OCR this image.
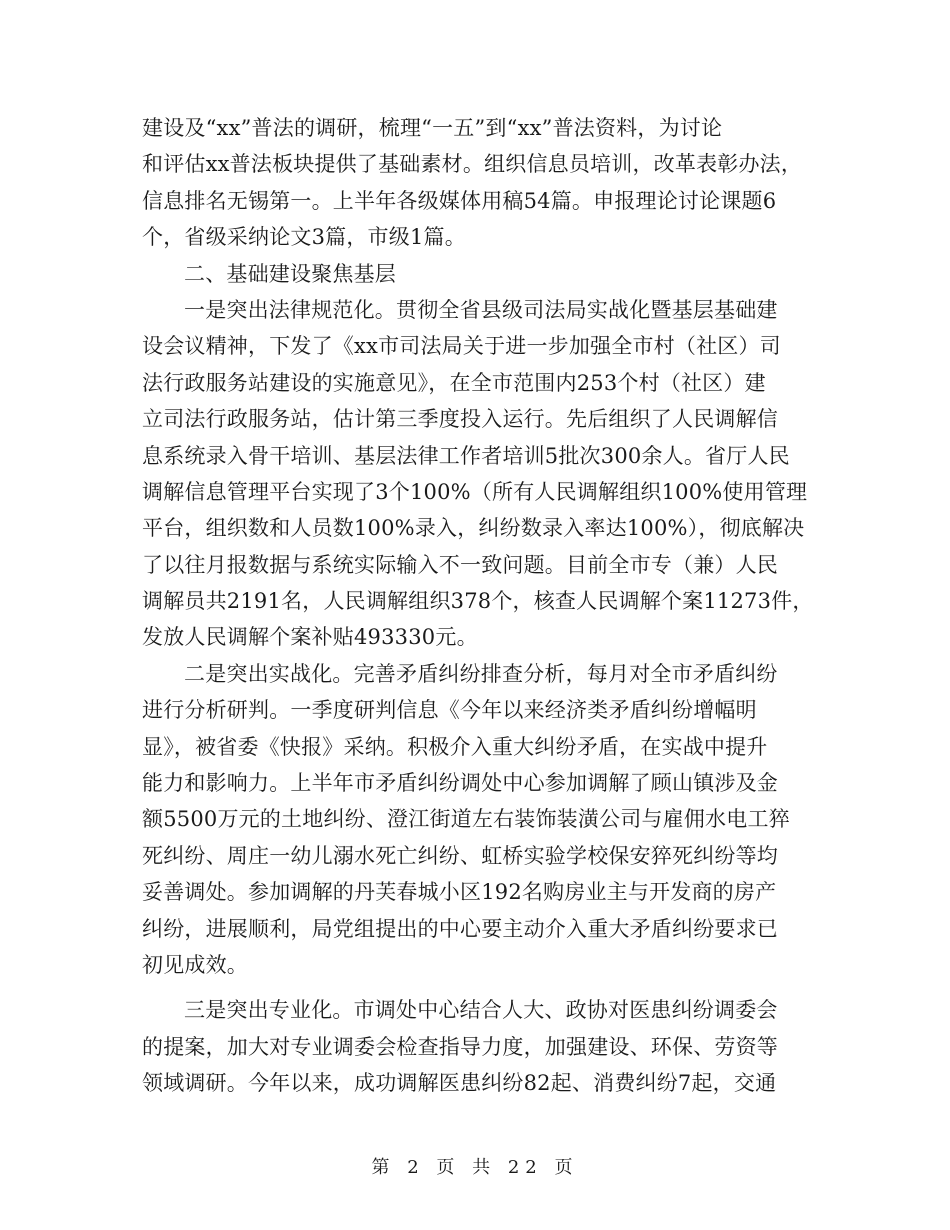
建设及“xx”普法的调研，梳理“一五”到“xx”普法资料，为讨论
和评估xx普法板块提供了基础素材。组织信息员培训，改革表彰办法，
信息排名无锡第一。上半年各级媒体用稿54篇。申报理论讨论课题6
个，省级采纳论文3篇，市级1篇。
二、基础建设聚焦基层
一是突出法律规范化。贯彻全省县级司法局实战化暨基层基础建
设会议精神，下发了《xx市司法局关于进一步加强全市村（社区）司
法行政服务站建设的实施意见》，在全市范围内253个村（社区）建
立司法行政服务站，估计第三季度投入运行。先后组织了人民调解信
息系统录入骨干培训、基层法律工作者培训5批次300余人。省厅人民
调解信息管理平台实现了3个100%（所有人民调解组织100%使用管理
平台，组织数和人员数100%录入，纠纷数录入率达100%），彻底解决
了以往月报数据与系统实际输入不一致问题。目前全市专（兼）人民
调解员共2191名，人民调解组织378个，核查人民调解个案11273件，
发放人民调解个案补贴493330元。
二是突出实战化。完善矛盾纠纷排查分析，每月对全市矛盾纠纷
进行分析研判。一季度研判信息《今年以来经济类矛盾纠纷增幅明
显》，被省委《快报》采纳。积极介入重大纠纷矛盾，在实战中提升
能力和影响力。上半年市矛盾纠纷调处中心参加调解了顾山镇涉及金
额5500万元的土地纠纷、澄江街道左右装饰装潢公司与雇佣水电工猝
死纠纷、周庄一幼儿溺水死亡纠纷、虹桥实验学校保安猝死纠纷等均
妥善调处。参加调解的丹芙春城小区192名购房业主与开发商的房产
纠纷，进展顺利，局党组提出的中心要主动介入重大矛盾纠纷要求已
初见成效。
三是突出专业化。市调处中心结合人大、政协对医患纠纷调委会
的提案，加大对专业调委会检查指导力度，加强建设、环保、劳资等
领域调研。今年以来，成功调解医患纠纷82起、消费纠纷7起，交通
第 2 页 共 22 页
